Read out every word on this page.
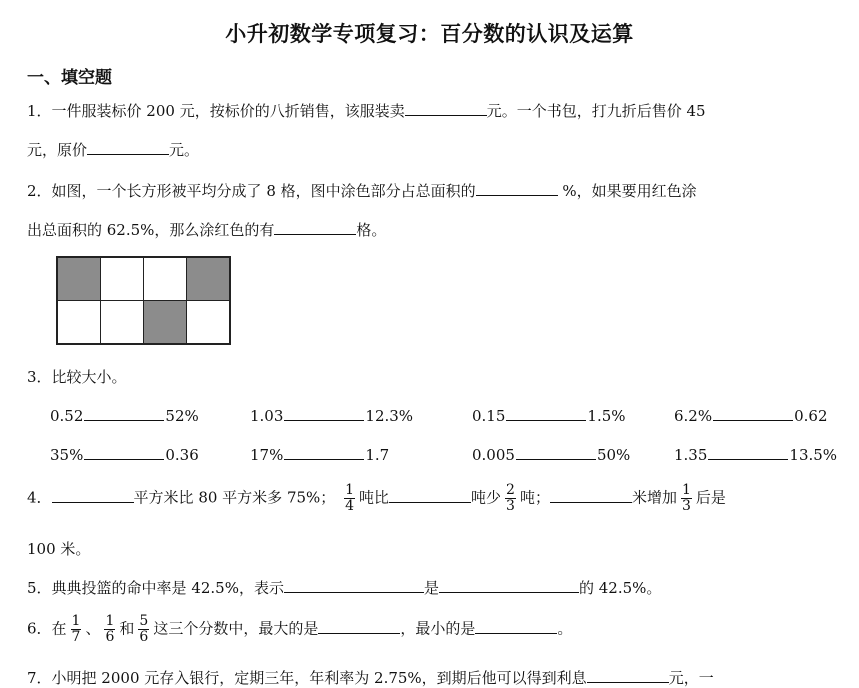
小升初数学专项复习：百分数的认识及运算
一、填空题
1．一件服装标价 200 元，按标价的八折销售，该服装卖	元。一个书包，打九折后售价 45
元，原价	元。
2．如图，一个长方形被平均分成了 8 格，图中涂色部分占总面积的	%，如果要用红色涂
出总面积的 62.5%，那么涂红色的有	格。

3．比较大小。
0.52	52%	1.03	12.3%	0.15	1.5%	6.2%	0.62
35%	0.36	17%	1.7	0.005	50%	1.35	13.5%
4．	平方米比 80 平方米多 75%； $\frac{1}{4}$ 吨比	吨少 $\frac{2}{3}$ 吨；	米增加 $\frac{1}{3}$ 后是
100 米。
5．典典投篮的命中率是 42.5%，表示	是	的 42.5%。
6．在 $\frac{1}{7}$ 、 $\frac{1}{6}$ 和 $\frac{5}{6}$ 这三个分数中，最大的是	，最小的是	。
7．小明把 2000 元存入银行，定期三年，年利率为 2.75%，到期后他可以得到利息	元，一
